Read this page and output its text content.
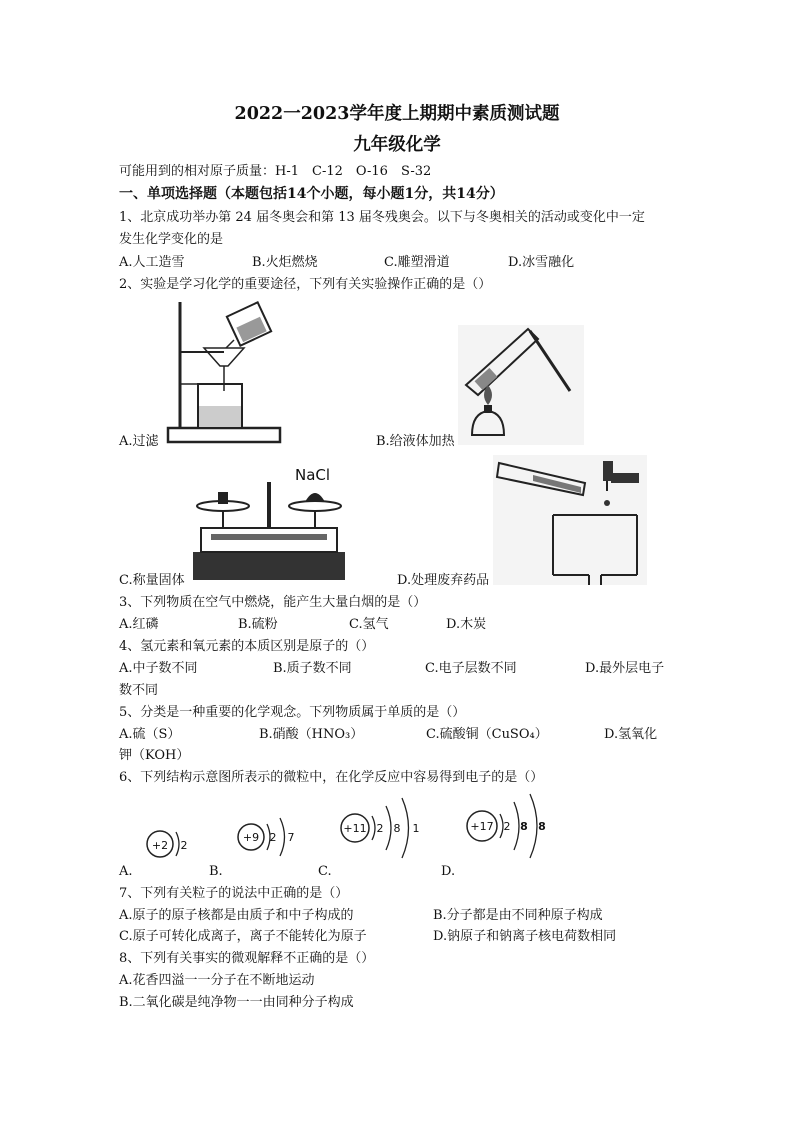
2022一2023学年度上期期中素质测试题
九年级化学
可能用到的相对原子质量：H-1　C-12　O-16　S-32
一、单项选择题（本题包括14个小题，每小题1分，共14分）
1、北京成功举办第 24 届冬奥会和第 13 届冬残奥会。以下与冬奥相关的活动或变化中一定
发生化学变化的是
A.人工造雪	B.火炬燃烧	C.雕塑滑道	D.冰雪融化
2、实验是学习化学的重要途径，下列有关实验操作正确的是（）
A.过滤	B.给液体加热
NaCl
C.称量固体	D.处理废弃药品
3、下列物质在空气中燃烧，能产生大量白烟的是（）
A.红磷	B.硫粉	C.氢气	D.木炭
4、氢元素和氧元素的本质区别是原子的（）
A.中子数不同	B.质子数不同	C.电子层数不同	D.最外层电子
数不同
5、分类是一种重要的化学观念。下列物质属于单质的是（）
A.硫（S）	B.硝酸（HNO₃）	C.硫酸铜（CuSO₄）	D.氢氧化
钾（KOH）
6、下列结构示意图所表示的微粒中，在化学反应中容易得到电子的是（）
+2 2
A.
+9 2 7
B.
+11 2 8 1
C.
+17 2 8 8
D.
7、下列有关粒子的说法中正确的是（）
A.原子的原子核都是由质子和中子构成的	B.分子都是由不同种原子构成
C.原子可转化成离子，离子不能转化为原子	D.钠原子和钠离子核电荷数相同
8、下列有关事实的微观解释不正确的是（）
A.花香四溢一一分子在不断地运动
B.二氧化碳是纯净物一一由同种分子构成
